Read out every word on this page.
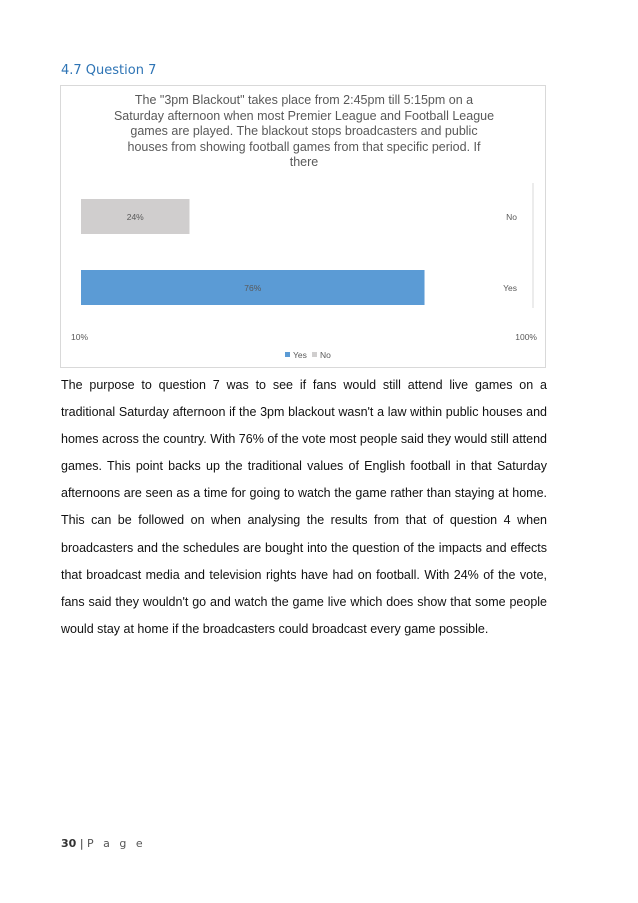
4.7 Question 7
The "3pm Blackout" takes place from 2:45pm till 5:15pm on a Saturday afternoon when most Premier League and Football League games are played. The blackout stops broadcasters and public houses from showing football games from that specific period. If there
24%	No
76%	Yes
10%	100%
Yes No

The purpose to question 7 was to see if fans would still attend live games on a traditional Saturday afternoon if the 3pm blackout wasn't a law within public houses and homes across the country. With 76% of the vote most people said they would still attend games. This point backs up the traditional values of English football in that Saturday afternoons are seen as a time for going to watch the game rather than staying at home. This can be followed on when analysing the results from that of question 4 when broadcasters and the schedules are bought into the question of the impacts and effects that broadcast media and television rights have had on football. With 24% of the vote, fans said they wouldn't go and watch the game live which does show that some people would stay at home if the broadcasters could broadcast every game possible.

30 | P a g e
